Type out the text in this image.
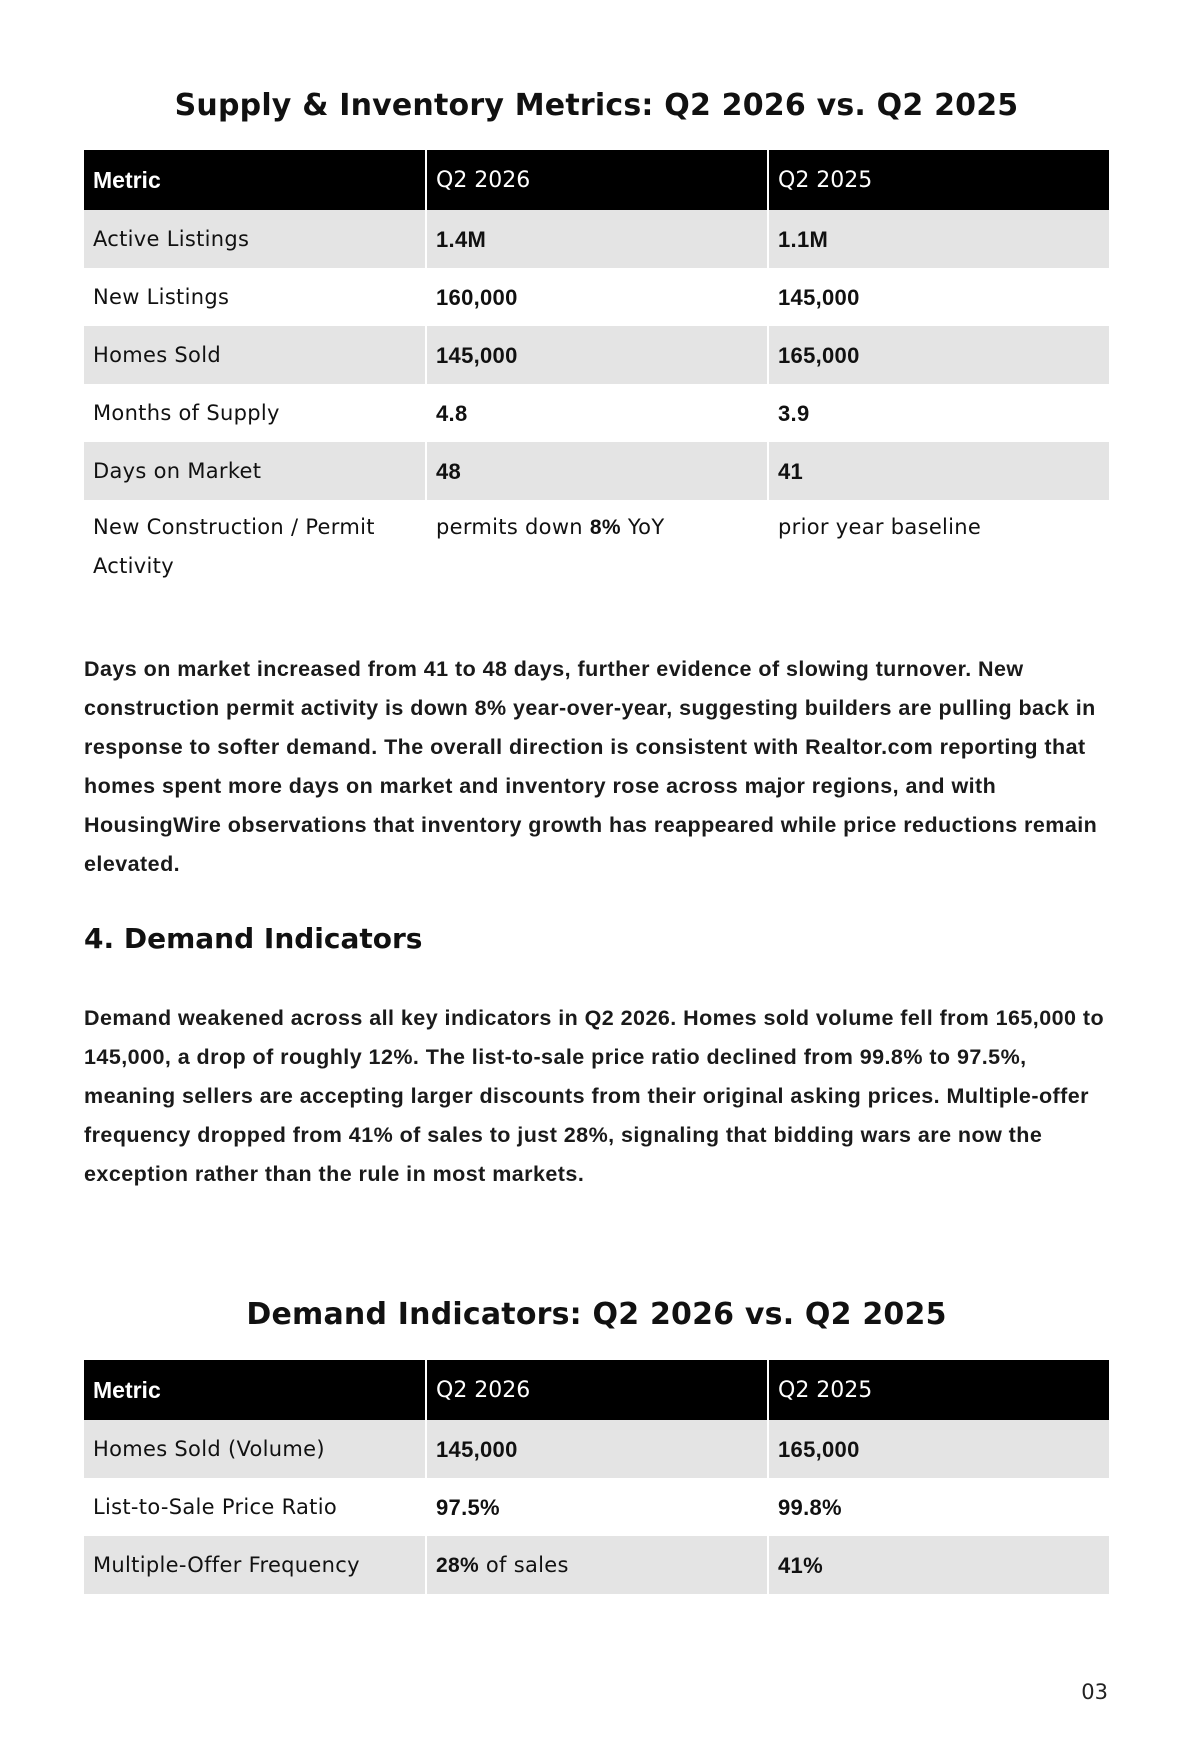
Supply & Inventory Metrics: Q2 2026 vs. Q2 2025
Metric	Q2 2026	Q2 2025
Active Listings	1.4M	1.1M
New Listings	160,000	145,000
Homes Sold	145,000	165,000
Months of Supply	4.8	3.9
Days on Market	48	41
New Construction / Permit Activity	permits down 8% YoY	prior year baseline

Days on market increased from 41 to 48 days, further evidence of slowing turnover. New construction permit activity is down 8% year-over-year, suggesting builders are pulling back in response to softer demand. The overall direction is consistent with Realtor.com reporting that homes spent more days on market and inventory rose across major regions, and with HousingWire observations that inventory growth has reappeared while price reductions remain elevated.

4. Demand Indicators

Demand weakened across all key indicators in Q2 2026. Homes sold volume fell from 165,000 to 145,000, a drop of roughly 12%. The list-to-sale price ratio declined from 99.8% to 97.5%, meaning sellers are accepting larger discounts from their original asking prices. Multiple-offer frequency dropped from 41% of sales to just 28%, signaling that bidding wars are now the exception rather than the rule in most markets.

Demand Indicators: Q2 2026 vs. Q2 2025
Metric	Q2 2026	Q2 2025
Homes Sold (Volume)	145,000	165,000
List-to-Sale Price Ratio	97.5%	99.8%
Multiple-Offer Frequency	28% of sales	41%
03
